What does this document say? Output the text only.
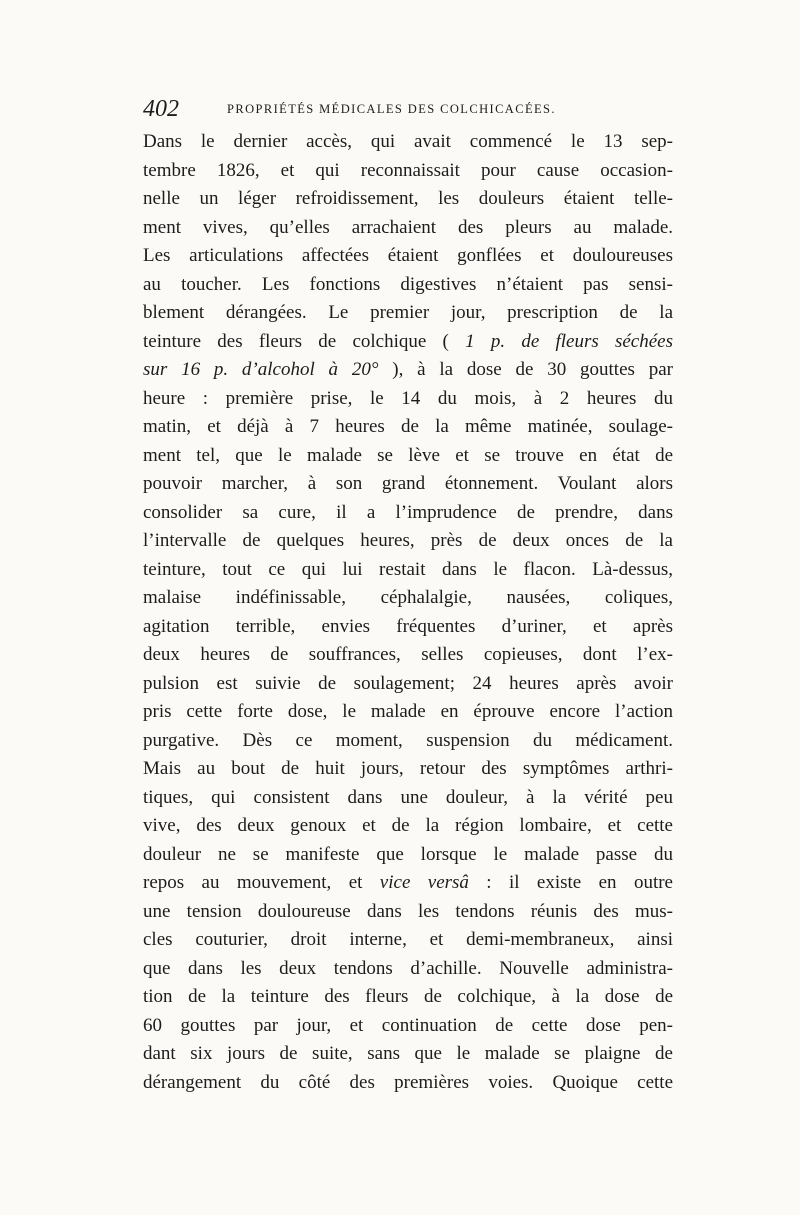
402	PROPRIÉTÉS MÉDICALES DES COLCHICACÉES.
Dans le dernier accès, qui avait commencé le 13 sep-
tembre 1826, et qui reconnaissait pour cause occasion-
nelle un léger refroidissement, les douleurs étaient telle-
ment vives, qu’elles arrachaient des pleurs au malade.
Les articulations affectées étaient gonflées et douloureuses
au toucher. Les fonctions digestives n’étaient pas sensi-
blement dérangées. Le premier jour, prescription de la
teinture des fleurs de colchique ( 1 p. de fleurs séchées
sur 16 p. d’alcohol à 20° ), à la dose de 30 gouttes par
heure : première prise, le 14 du mois, à 2 heures du
matin, et déjà à 7 heures de la même matinée, soulage-
ment tel, que le malade se lève et se trouve en état de
pouvoir marcher, à son grand étonnement. Voulant alors
consolider sa cure, il a l’imprudence de prendre, dans
l’intervalle de quelques heures, près de deux onces de la
teinture, tout ce qui lui restait dans le flacon. Là-dessus,
malaise indéfinissable, céphalalgie, nausées, coliques,
agitation terrible, envies fréquentes d’uriner, et après
deux heures de souffrances, selles copieuses, dont l’ex-
pulsion est suivie de soulagement; 24 heures après avoir
pris cette forte dose, le malade en éprouve encore l’action
purgative. Dès ce moment, suspension du médicament.
Mais au bout de huit jours, retour des symptômes arthri-
tiques, qui consistent dans une douleur, à la vérité peu
vive, des deux genoux et de la région lombaire, et cette
douleur ne se manifeste que lorsque le malade passe du
repos au mouvement, et vice versâ : il existe en outre
une tension douloureuse dans les tendons réunis des mus-
cles couturier, droit interne, et demi-membraneux, ainsi
que dans les deux tendons d’achille. Nouvelle administra-
tion de la teinture des fleurs de colchique, à la dose de
60 gouttes par jour, et continuation de cette dose pen-
dant six jours de suite, sans que le malade se plaigne de
dérangement du côté des premières voies. Quoique cette
